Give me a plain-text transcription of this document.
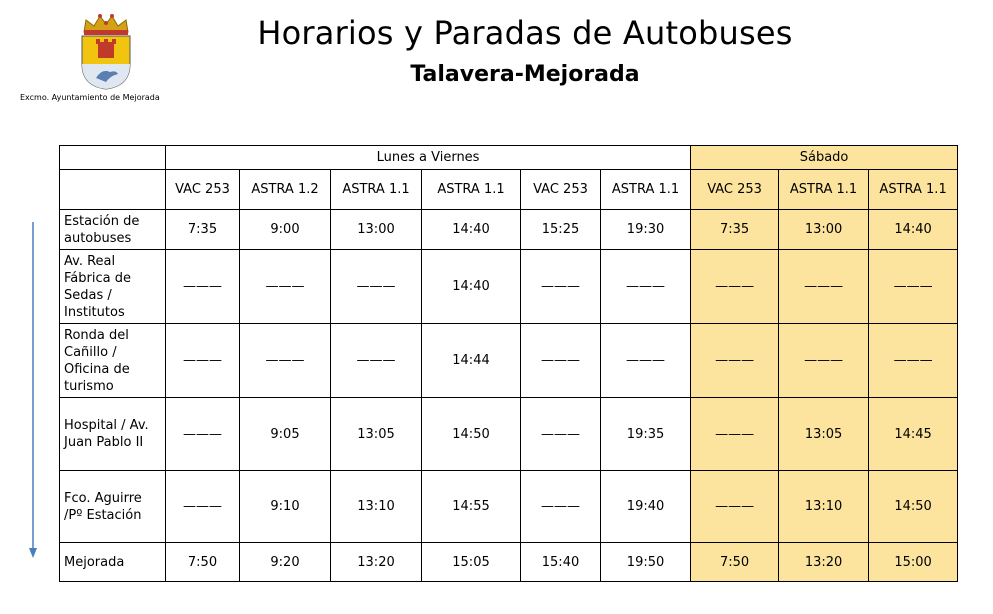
Excmo. Ayuntamiento de Mejorada
Horarios y Paradas de Autobuses
Talavera-Mejorada
	Lunes a Viernes						Sábado		
	VAC 253	ASTRA 1.2	ASTRA 1.1	ASTRA 1.1	VAC 253	ASTRA 1.1	VAC 253	ASTRA 1.1	ASTRA 1.1
Estación de autobuses	7:35	9:00	13:00	14:40	15:25	19:30	7:35	13:00	14:40
Av. Real Fábrica de Sedas / Institutos	———	———	———	14:40	———	———	———	———	———
Ronda del Cañillo / Oficina de turismo	———	———	———	14:44	———	———	———	———	———
Hospital / Av. Juan Pablo II	———	9:05	13:05	14:50	———	19:35	———	13:05	14:45
Fco. Aguirre /Pº Estación	———	9:10	13:10	14:55	———	19:40	———	13:10	14:50
Mejorada	7:50	9:20	13:20	15:05	15:40	19:50	7:50	13:20	15:00
